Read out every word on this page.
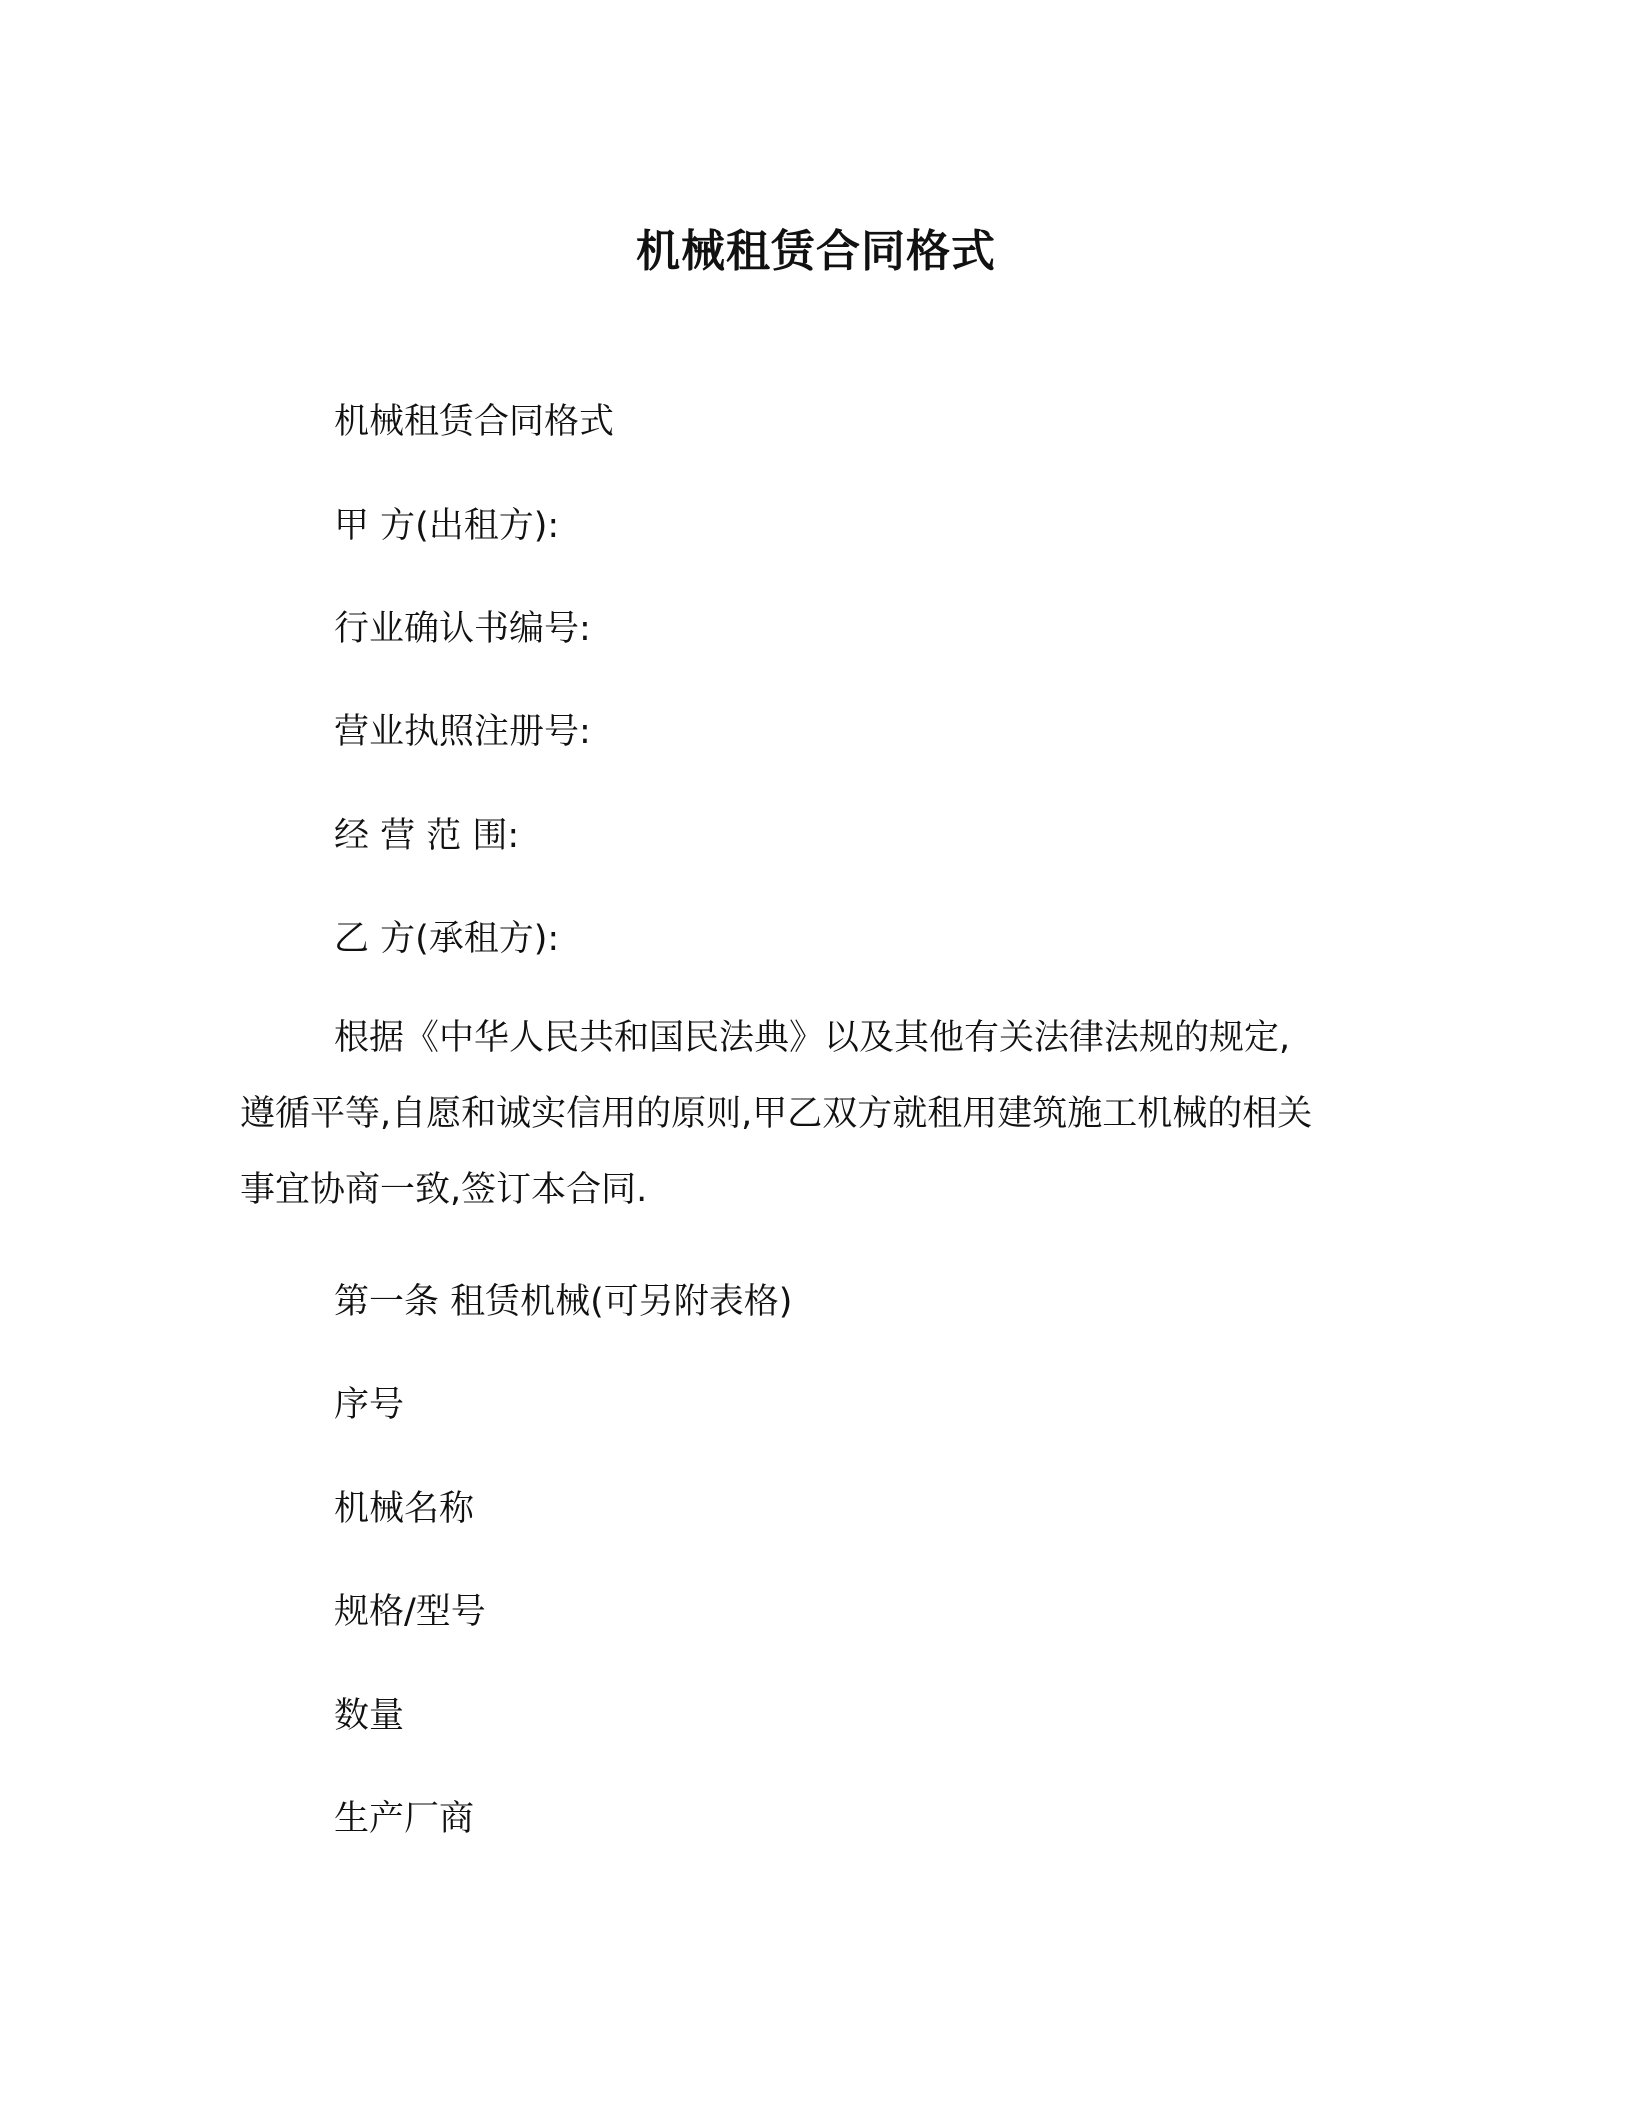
机械租赁合同格式
机械租赁合同格式
甲 方(出租方):
行业确认书编号:
营业执照注册号:
经 营 范 围:
乙 方(承租方):
根据《中华人民共和国民法典》以及其他有关法律法规的规定,
遵循平等,自愿和诚实信用的原则,甲乙双方就租用建筑施工机械的相关
事宜协商一致,签订本合同.
第一条 租赁机械(可另附表格)
序号
机械名称
规格/型号
数量
生产厂商
